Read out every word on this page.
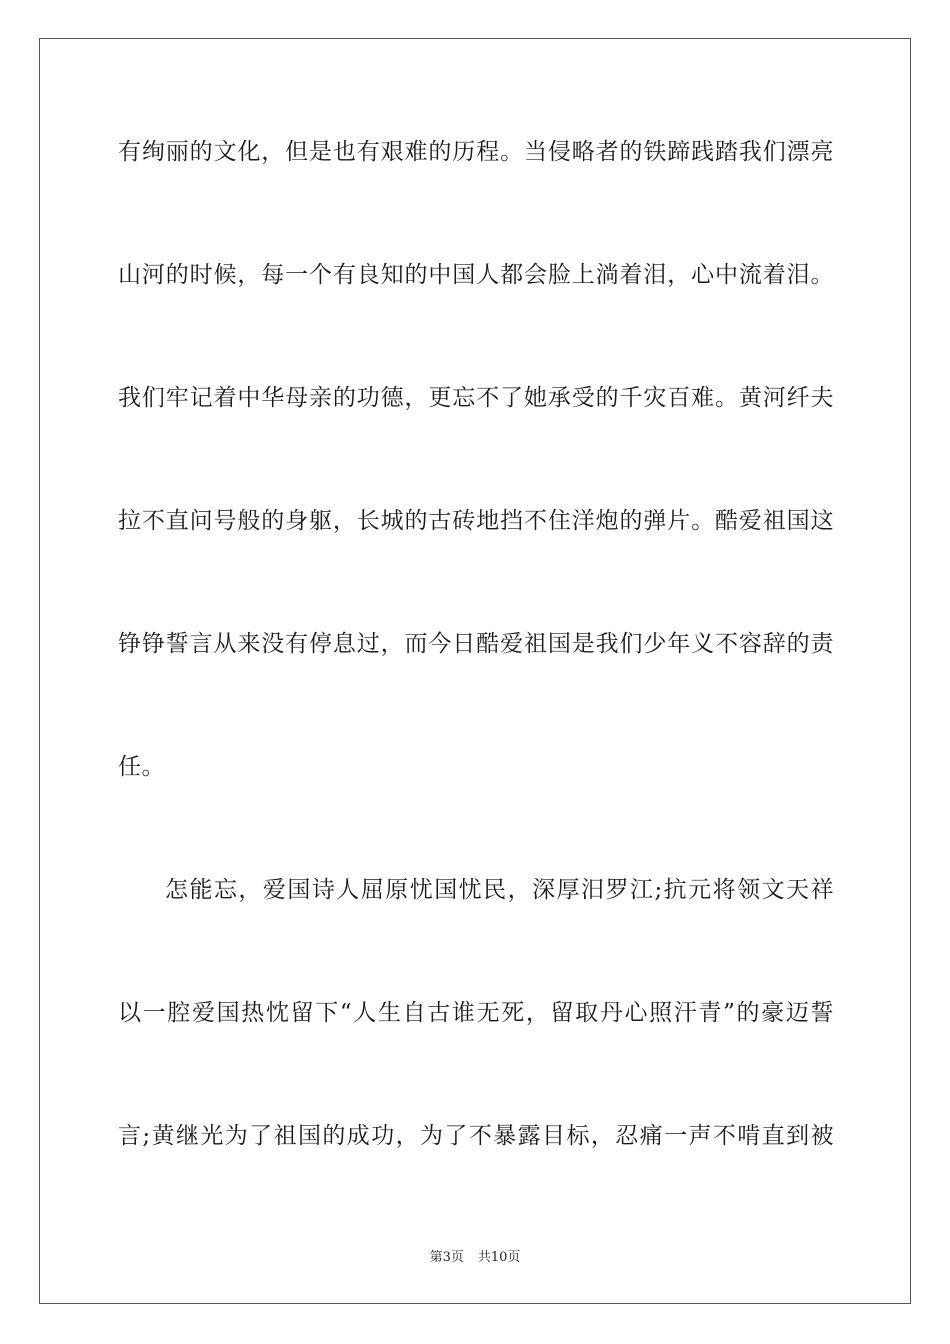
有绚丽的文化，但是也有艰难的历程。当侵略者的铁蹄践踏我们漂亮
山河的时候，每一个有良知的中国人都会脸上淌着泪，心中流着泪。
我们牢记着中华母亲的功德，更忘不了她承受的千灾百难。黄河纤夫
拉不直问号般的身躯，长城的古砖地挡不住洋炮的弹片。酷爱祖国这
铮铮誓言从来没有停息过，而今日酷爱祖国是我们少年义不容辞的责
任。
怎能忘，爱国诗人屈原忧国忧民，深厚汨罗江;抗元将领文天祥
以一腔爱国热忱留下“人生自古谁无死，留取丹心照汗青”的豪迈誓
言;黄继光为了祖国的成功，为了不暴露目标，忍痛一声不啃直到被
第3页 共10页
